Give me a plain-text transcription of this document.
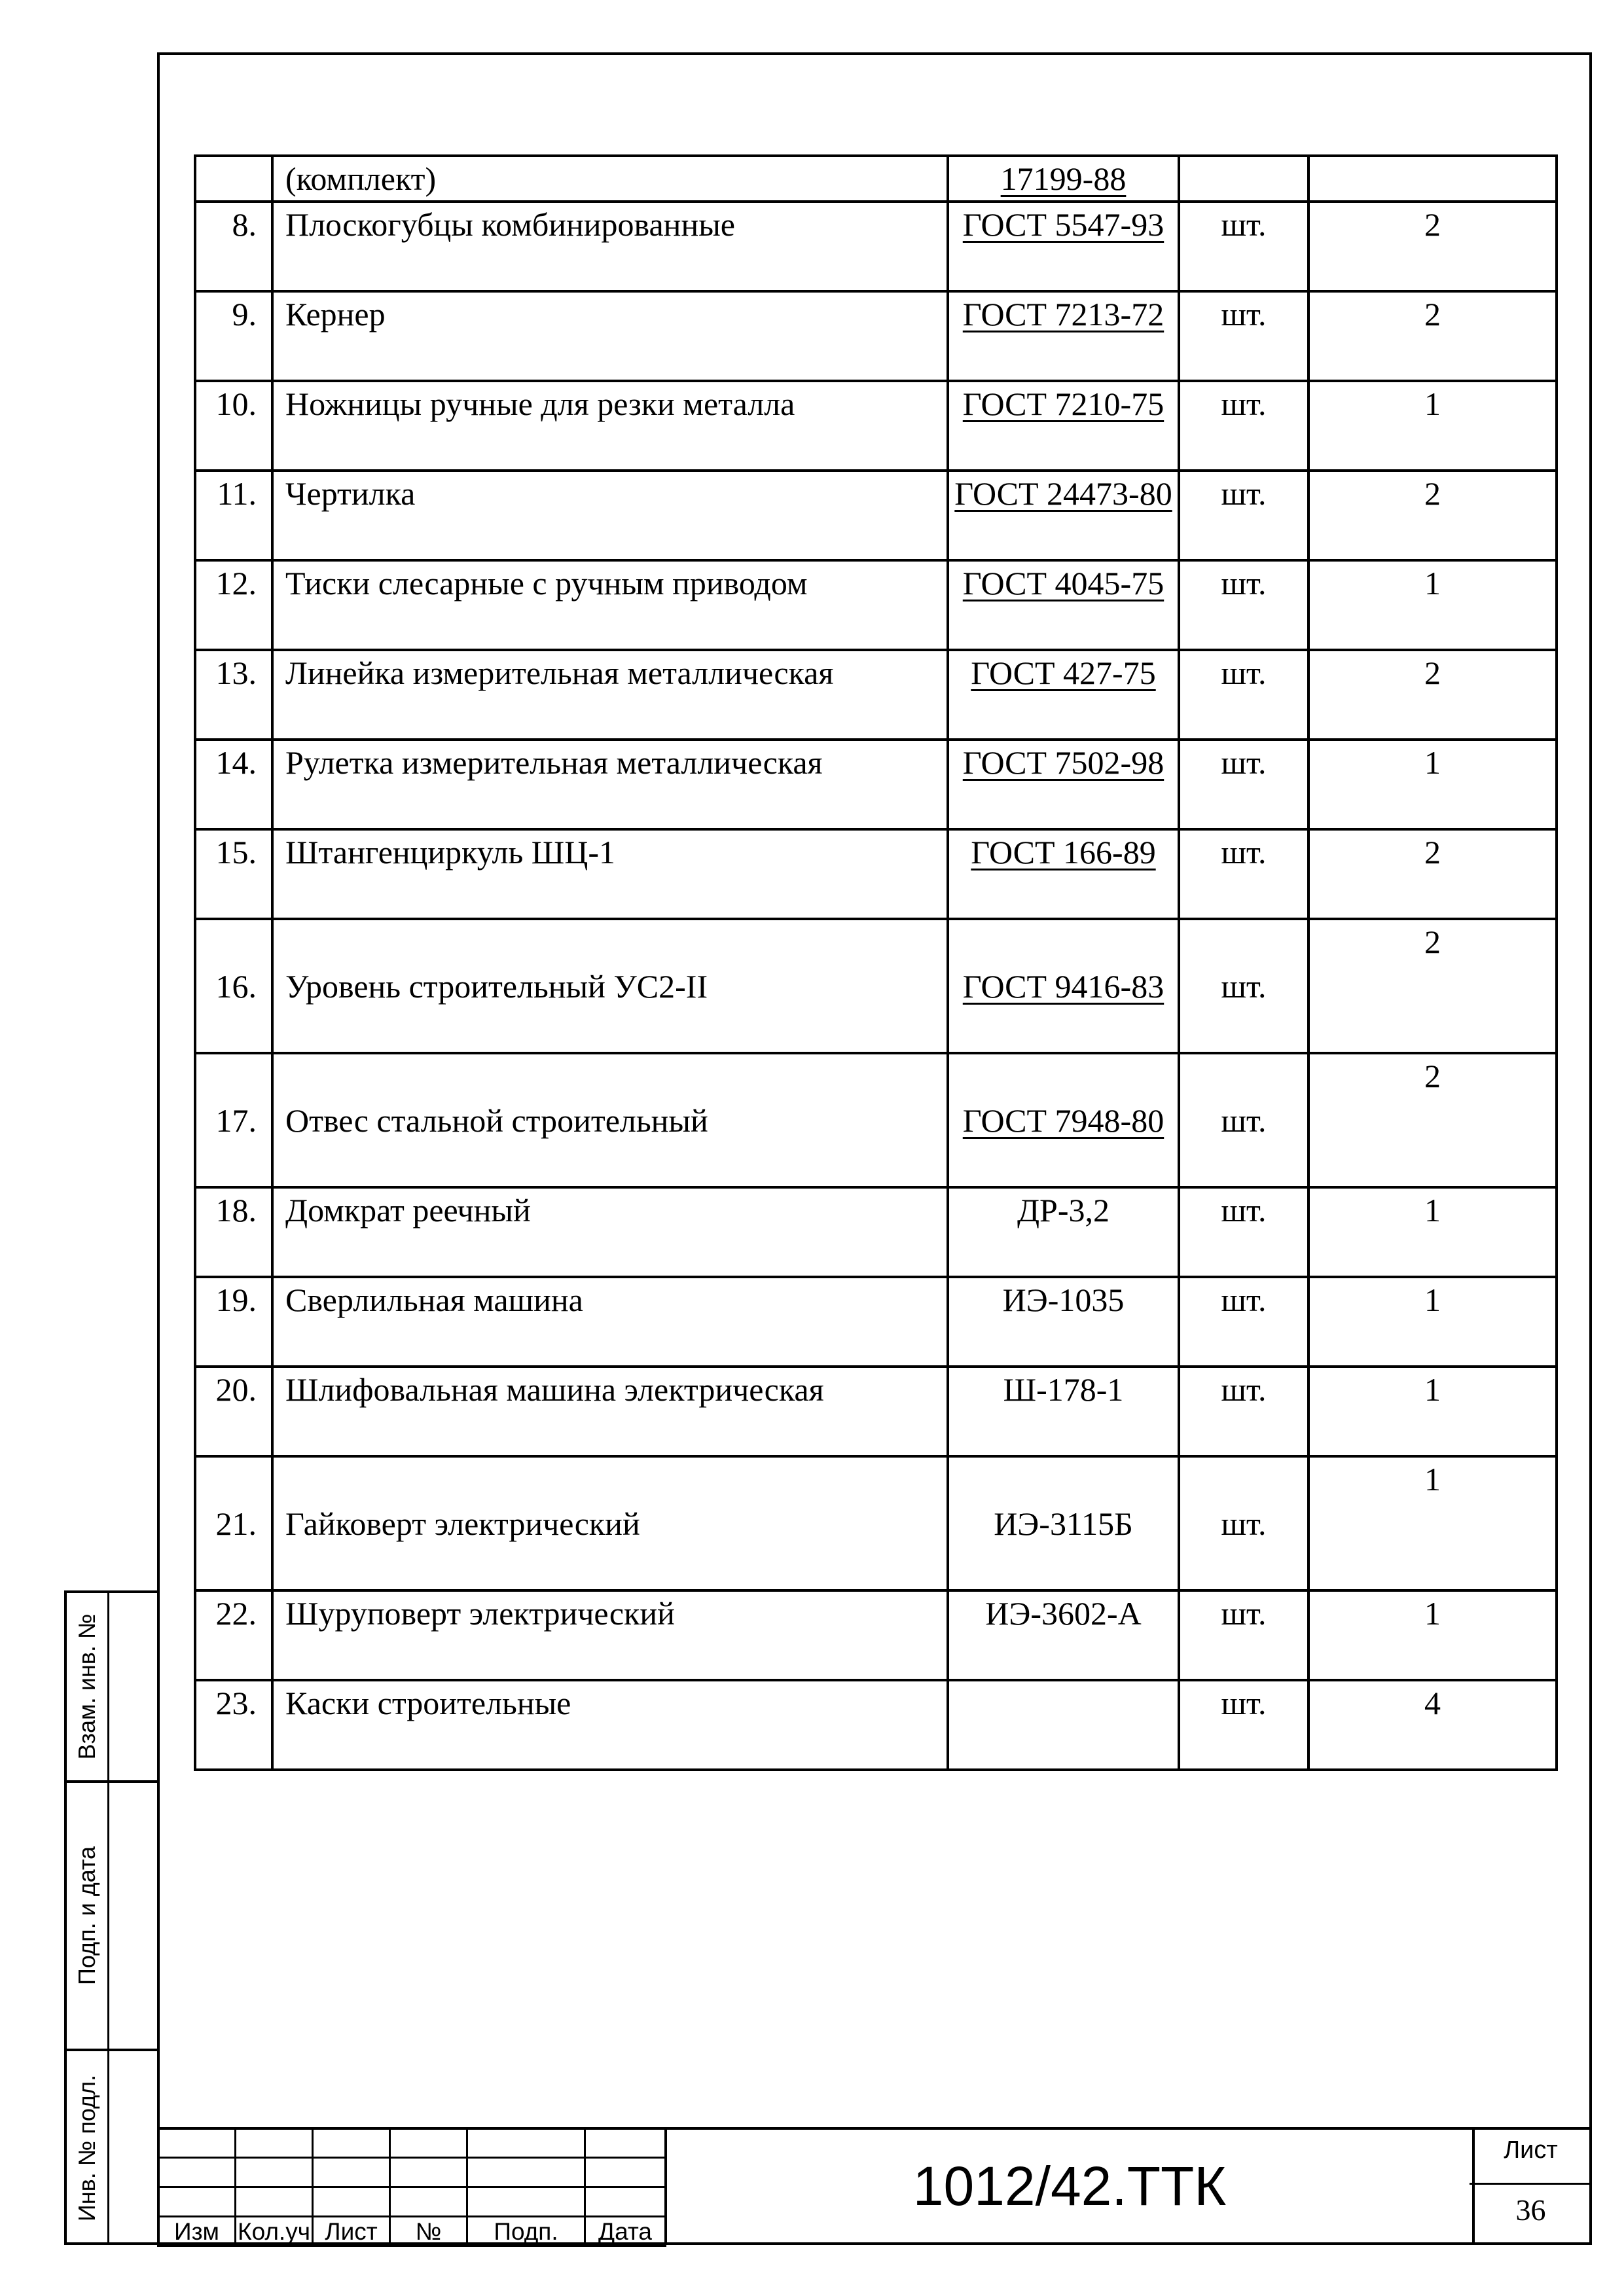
Взам. инв. №
Подп. и дата
Инв. № подл.
	(комплект)	17199-88		
8.	Плоскогубцы комбинированные	ГОСТ 5547-93	шт.	2
9.	Кернер	ГОСТ 7213-72	шт.	2
10.	Ножницы ручные для резки металла	ГОСТ 7210-75	шт.	1
11.	Чертилка	ГОСТ 24473-80	шт.	2
12.	Тиски слесарные с ручным приводом	ГОСТ 4045-75	шт.	1
13.	Линейка измерительная металлическая	ГОСТ 427-75	шт.	2
14.	Рулетка измерительная металлическая	ГОСТ 7502-98	шт.	1
15.	Штангенциркуль ШЦ-1	ГОСТ 166-89	шт.	2
16.	Уровень строительный УС2-II	ГОСТ 9416-83	шт.	2
17.	Отвес стальной строительный	ГОСТ 7948-80	шт.	2
18.	Домкрат реечный	ДР-3,2	шт.	1
19.	Сверлильная машина	ИЭ-1035	шт.	1
20.	Шлифовальная машина электрическая	Ш-178-1	шт.	1
21.	Гайковерт электрический	ИЭ-3115Б	шт.	1
22.	Шуруповерт электрический	ИЭ-3602-А	шт.	1
23.	Каски строительные		шт.	4

Изм	Кол.уч	Лист	№	Подп.	Дата
1012/42.ТТК
Лист
36
